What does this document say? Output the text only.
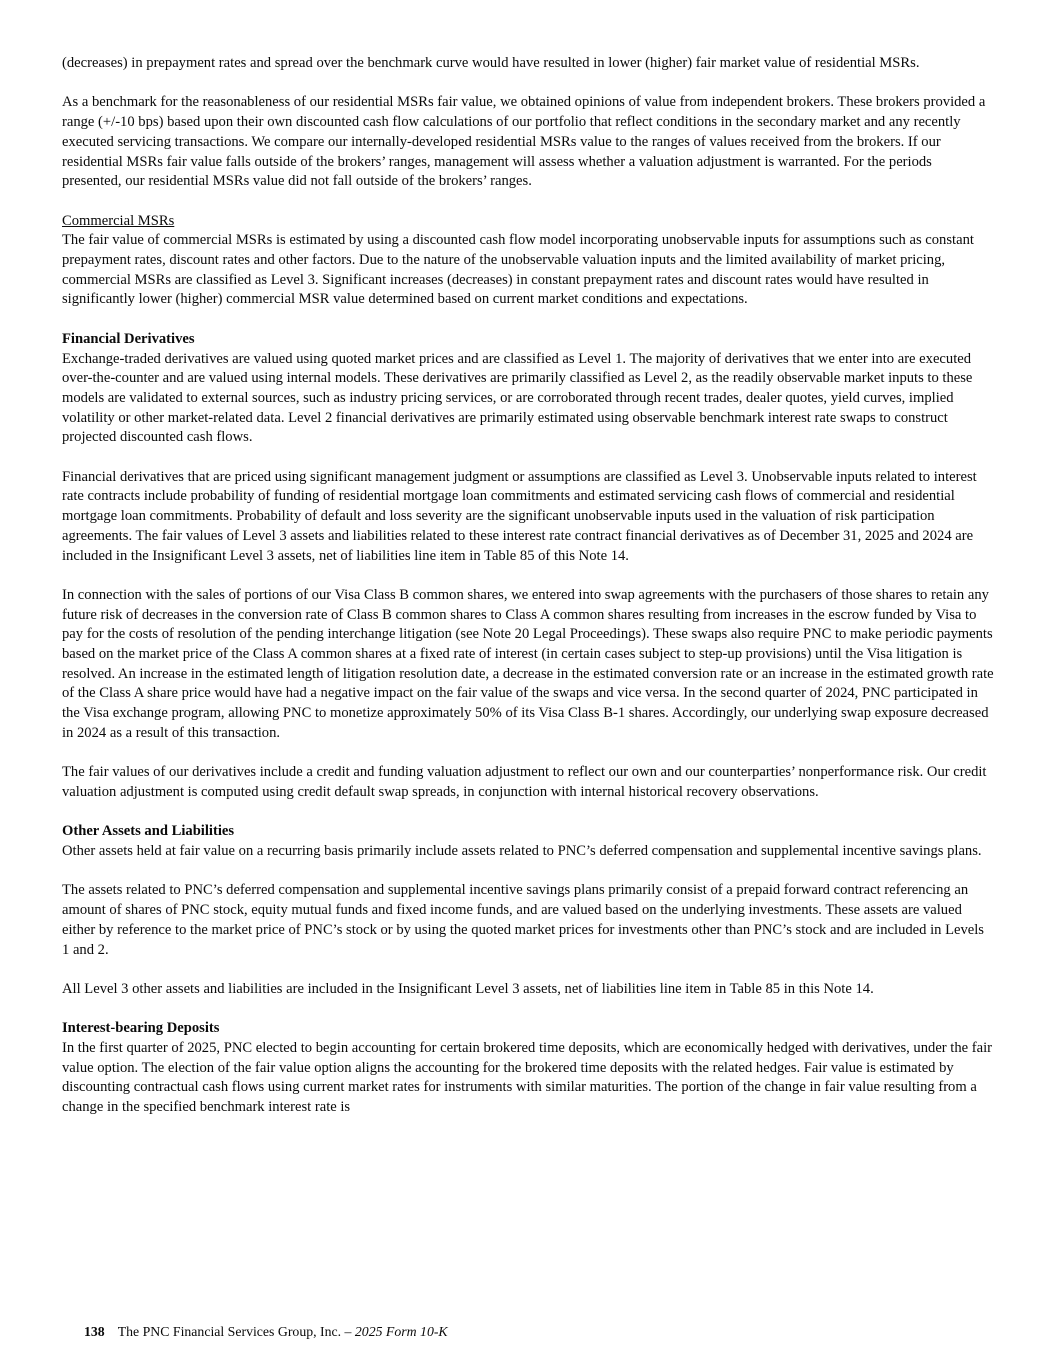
(decreases) in prepayment rates and spread over the benchmark curve would have resulted in lower (higher) fair market value of residential MSRs.

As a benchmark for the reasonableness of our residential MSRs fair value, we obtained opinions of value from independent brokers. These brokers provided a range (+/-10 bps) based upon their own discounted cash flow calculations of our portfolio that reflect conditions in the secondary market and any recently executed servicing transactions. We compare our internally-developed residential MSRs value to the ranges of values received from the brokers. If our residential MSRs fair value falls outside of the brokers’ ranges, management will assess whether a valuation adjustment is warranted. For the periods presented, our residential MSRs value did not fall outside of the brokers’ ranges.

Commercial MSRs

The fair value of commercial MSRs is estimated by using a discounted cash flow model incorporating unobservable inputs for assumptions such as constant prepayment rates, discount rates and other factors. Due to the nature of the unobservable valuation inputs and the limited availability of market pricing, commercial MSRs are classified as Level 3. Significant increases (decreases) in constant prepayment rates and discount rates would have resulted in significantly lower (higher) commercial MSR value determined based on current market conditions and expectations.

Financial Derivatives

Exchange-traded derivatives are valued using quoted market prices and are classified as Level 1. The majority of derivatives that we enter into are executed over-the-counter and are valued using internal models. These derivatives are primarily classified as Level 2, as the readily observable market inputs to these models are validated to external sources, such as industry pricing services, or are corroborated through recent trades, dealer quotes, yield curves, implied volatility or other market-related data. Level 2 financial derivatives are primarily estimated using observable benchmark interest rate swaps to construct projected discounted cash flows.

Financial derivatives that are priced using significant management judgment or assumptions are classified as Level 3. Unobservable inputs related to interest rate contracts include probability of funding of residential mortgage loan commitments and estimated servicing cash flows of commercial and residential mortgage loan commitments. Probability of default and loss severity are the significant unobservable inputs used in the valuation of risk participation agreements. The fair values of Level 3 assets and liabilities related to these interest rate contract financial derivatives as of December 31, 2025 and 2024 are included in the Insignificant Level 3 assets, net of liabilities line item in Table 85 of this Note 14.

In connection with the sales of portions of our Visa Class B common shares, we entered into swap agreements with the purchasers of those shares to retain any future risk of decreases in the conversion rate of Class B common shares to Class A common shares resulting from increases in the escrow funded by Visa to pay for the costs of resolution of the pending interchange litigation (see Note 20 Legal Proceedings). These swaps also require PNC to make periodic payments based on the market price of the Class A common shares at a fixed rate of interest (in certain cases subject to step-up provisions) until the Visa litigation is resolved. An increase in the estimated length of litigation resolution date, a decrease in the estimated conversion rate or an increase in the estimated growth rate of the Class A share price would have had a negative impact on the fair value of the swaps and vice versa. In the second quarter of 2024, PNC participated in the Visa exchange program, allowing PNC to monetize approximately 50% of its Visa Class B-1 shares. Accordingly, our underlying swap exposure decreased in 2024 as a result of this transaction.

The fair values of our derivatives include a credit and funding valuation adjustment to reflect our own and our counterparties’ nonperformance risk. Our credit valuation adjustment is computed using credit default swap spreads, in conjunction with internal historical recovery observations.

Other Assets and Liabilities

Other assets held at fair value on a recurring basis primarily include assets related to PNC’s deferred compensation and supplemental incentive savings plans.

The assets related to PNC’s deferred compensation and supplemental incentive savings plans primarily consist of a prepaid forward contract referencing an amount of shares of PNC stock, equity mutual funds and fixed income funds, and are valued based on the underlying investments. These assets are valued either by reference to the market price of PNC’s stock or by using the quoted market prices for investments other than PNC’s stock and are included in Levels 1 and 2.

All Level 3 other assets and liabilities are included in the Insignificant Level 3 assets, net of liabilities line item in Table 85 in this Note 14.

Interest-bearing Deposits

In the first quarter of 2025, PNC elected to begin accounting for certain brokered time deposits, which are economically hedged with derivatives, under the fair value option. The election of the fair value option aligns the accounting for the brokered time deposits with the related hedges. Fair value is estimated by discounting contractual cash flows using current market rates for instruments with similar maturities. The portion of the change in fair value resulting from a change in the specified benchmark interest rate is

138 The PNC Financial Services Group, Inc. – 2025 Form 10-K
